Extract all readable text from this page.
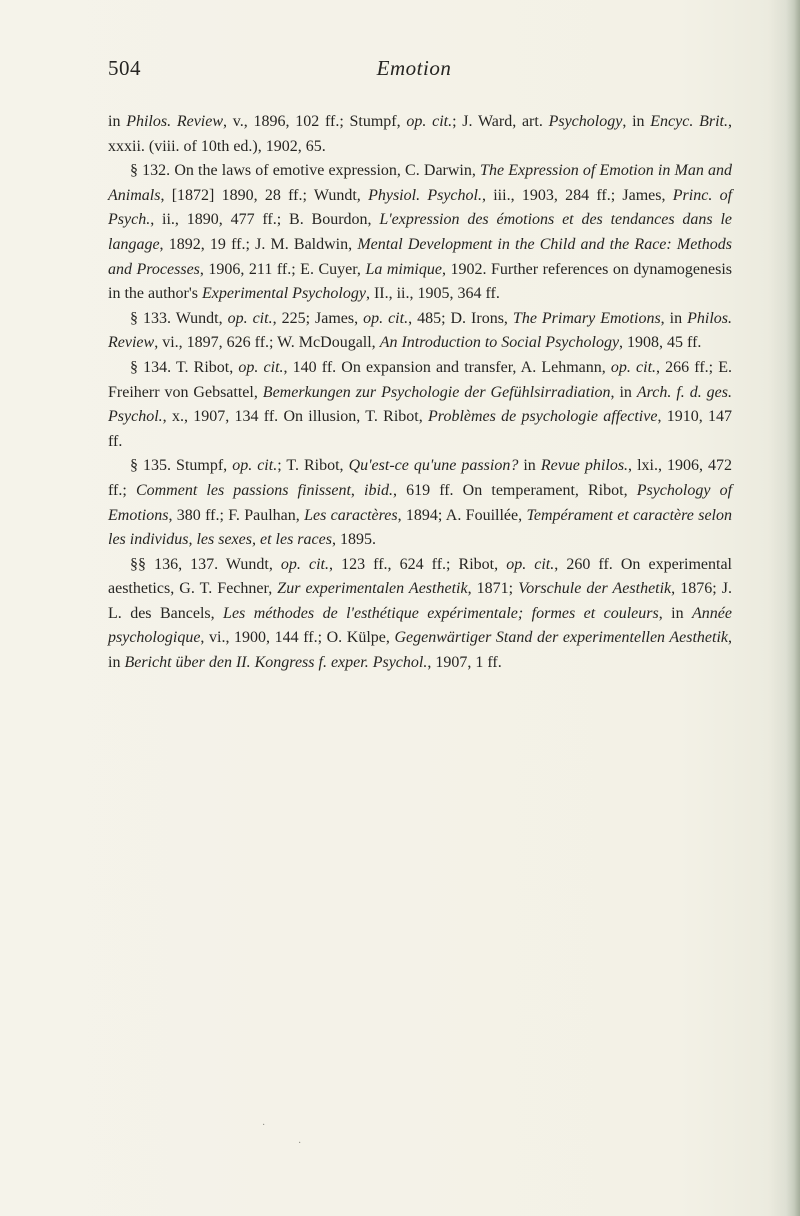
504	Emotion

in Philos. Review, v., 1896, 102 ff.; Stumpf, op. cit.; J. Ward, art. Psychology, in Encyc. Brit., xxxii. (viii. of 10th ed.), 1902, 65.

§ 132. On the laws of emotive expression, C. Darwin, The Expression of Emotion in Man and Animals, [1872] 1890, 28 ff.; Wundt, Physiol. Psychol., iii., 1903, 284 ff.; James, Princ. of Psych., ii., 1890, 477 ff.; B. Bourdon, L'expression des émotions et des tendances dans le langage, 1892, 19 ff.; J. M. Baldwin, Mental Development in the Child and the Race: Methods and Processes, 1906, 211 ff.; E. Cuyer, La mimique, 1902. Further references on dynamogenesis in the author's Experimental Psychology, II., ii., 1905, 364 ff.

§ 133. Wundt, op. cit., 225; James, op. cit., 485; D. Irons, The Primary Emotions, in Philos. Review, vi., 1897, 626 ff.; W. McDougall, An Introduction to Social Psychology, 1908, 45 ff.

§ 134. T. Ribot, op. cit., 140 ff. On expansion and transfer, A. Lehmann, op. cit., 266 ff.; E. Freiherr von Gebsattel, Bemerkungen zur Psychologie der Gefühlsirradiation, in Arch. f. d. ges. Psychol., x., 1907, 134 ff. On illusion, T. Ribot, Problèmes de psychologie affective, 1910, 147 ff.

§ 135. Stumpf, op. cit.; T. Ribot, Qu'est-ce qu'une passion? in Revue philos., lxi., 1906, 472 ff.; Comment les passions finissent, ibid., 619 ff. On temperament, Ribot, Psychology of Emotions, 380 ff.; F. Paulhan, Les caractères, 1894; A. Fouillée, Tempérament et caractère selon les individus, les sexes, et les races, 1895.

§§ 136, 137. Wundt, op. cit., 123 ff., 624 ff.; Ribot, op. cit., 260 ff. On experimental aesthetics, G. T. Fechner, Zur experimentalen Aesthetik, 1871; Vorschule der Aesthetik, 1876; J. L. des Bancels, Les méthodes de l'esthétique expérimentale; formes et couleurs, in Année psychologique, vi., 1900, 144 ff.; O. Külpe, Gegenwärtiger Stand der experimentellen Aesthetik, in Bericht über den II. Kongress f. exper. Psychol., 1907, 1 ff.

·
·
